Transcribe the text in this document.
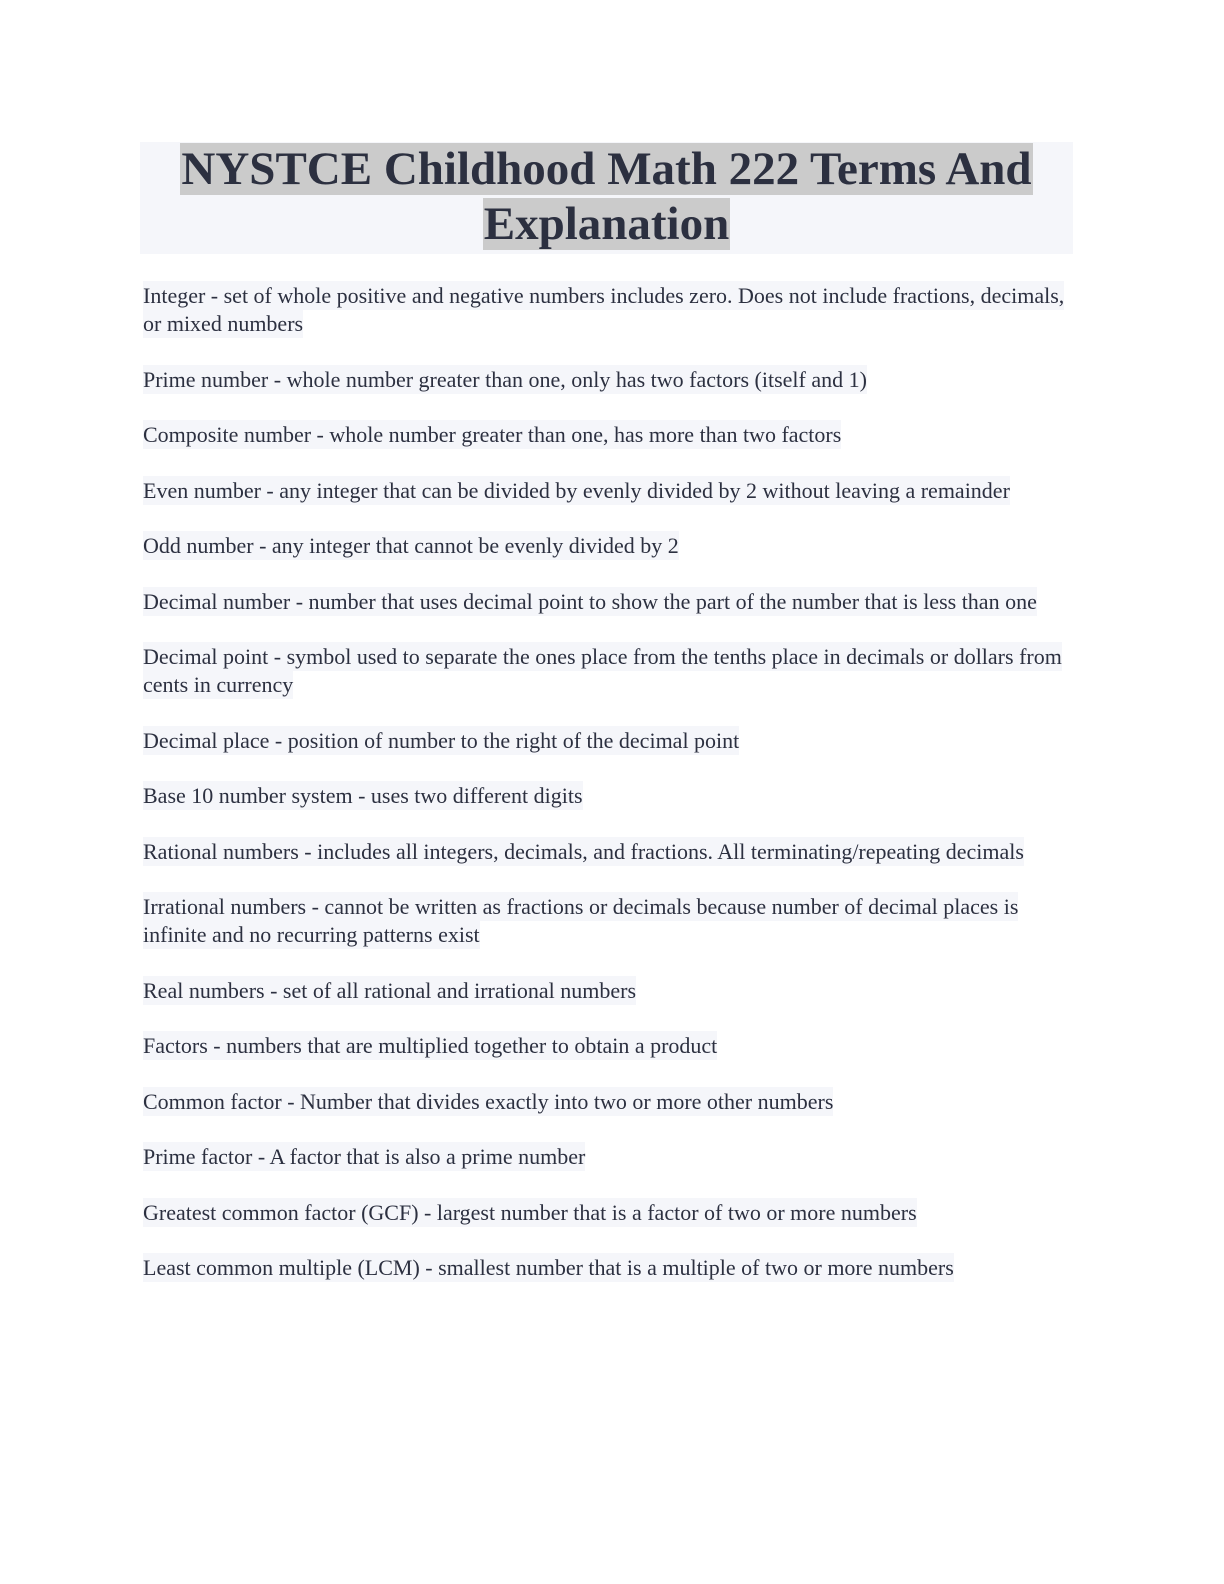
NYSTCE Childhood Math 222 Terms And Explanation
Integer - set of whole positive and negative numbers includes zero. Does not include fractions, decimals, or mixed numbers
Prime number - whole number greater than one, only has two factors (itself and 1)
Composite number - whole number greater than one, has more than two factors
Even number - any integer that can be divided by evenly divided by 2 without leaving a remainder
Odd number - any integer that cannot be evenly divided by 2
Decimal number - number that uses decimal point to show the part of the number that is less than one
Decimal point - symbol used to separate the ones place from the tenths place in decimals or dollars from cents in currency
Decimal place - position of number to the right of the decimal point
Base 10 number system - uses two different digits
Rational numbers - includes all integers, decimals, and fractions. All terminating/repeating decimals
Irrational numbers - cannot be written as fractions or decimals because number of decimal places is infinite and no recurring patterns exist
Real numbers - set of all rational and irrational numbers
Factors - numbers that are multiplied together to obtain a product
Common factor - Number that divides exactly into two or more other numbers
Prime factor - A factor that is also a prime number
Greatest common factor (GCF) - largest number that is a factor of two or more numbers
Least common multiple (LCM) - smallest number that is a multiple of two or more numbers
